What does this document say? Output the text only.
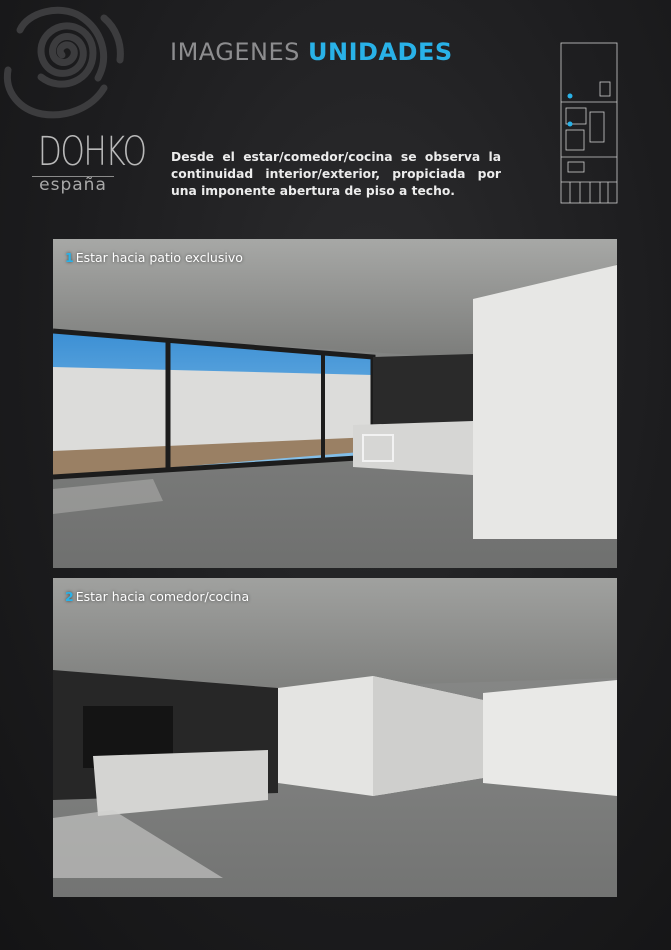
DOHKO
españa
IMAGENES UNIDADES
Desde el estar/comedor/cocina se observa la continuidad interior/exterior, propiciada por una imponente abertura de piso a techo.
1 Estar hacia patio exclusivo
2 Estar hacia comedor/cocina
